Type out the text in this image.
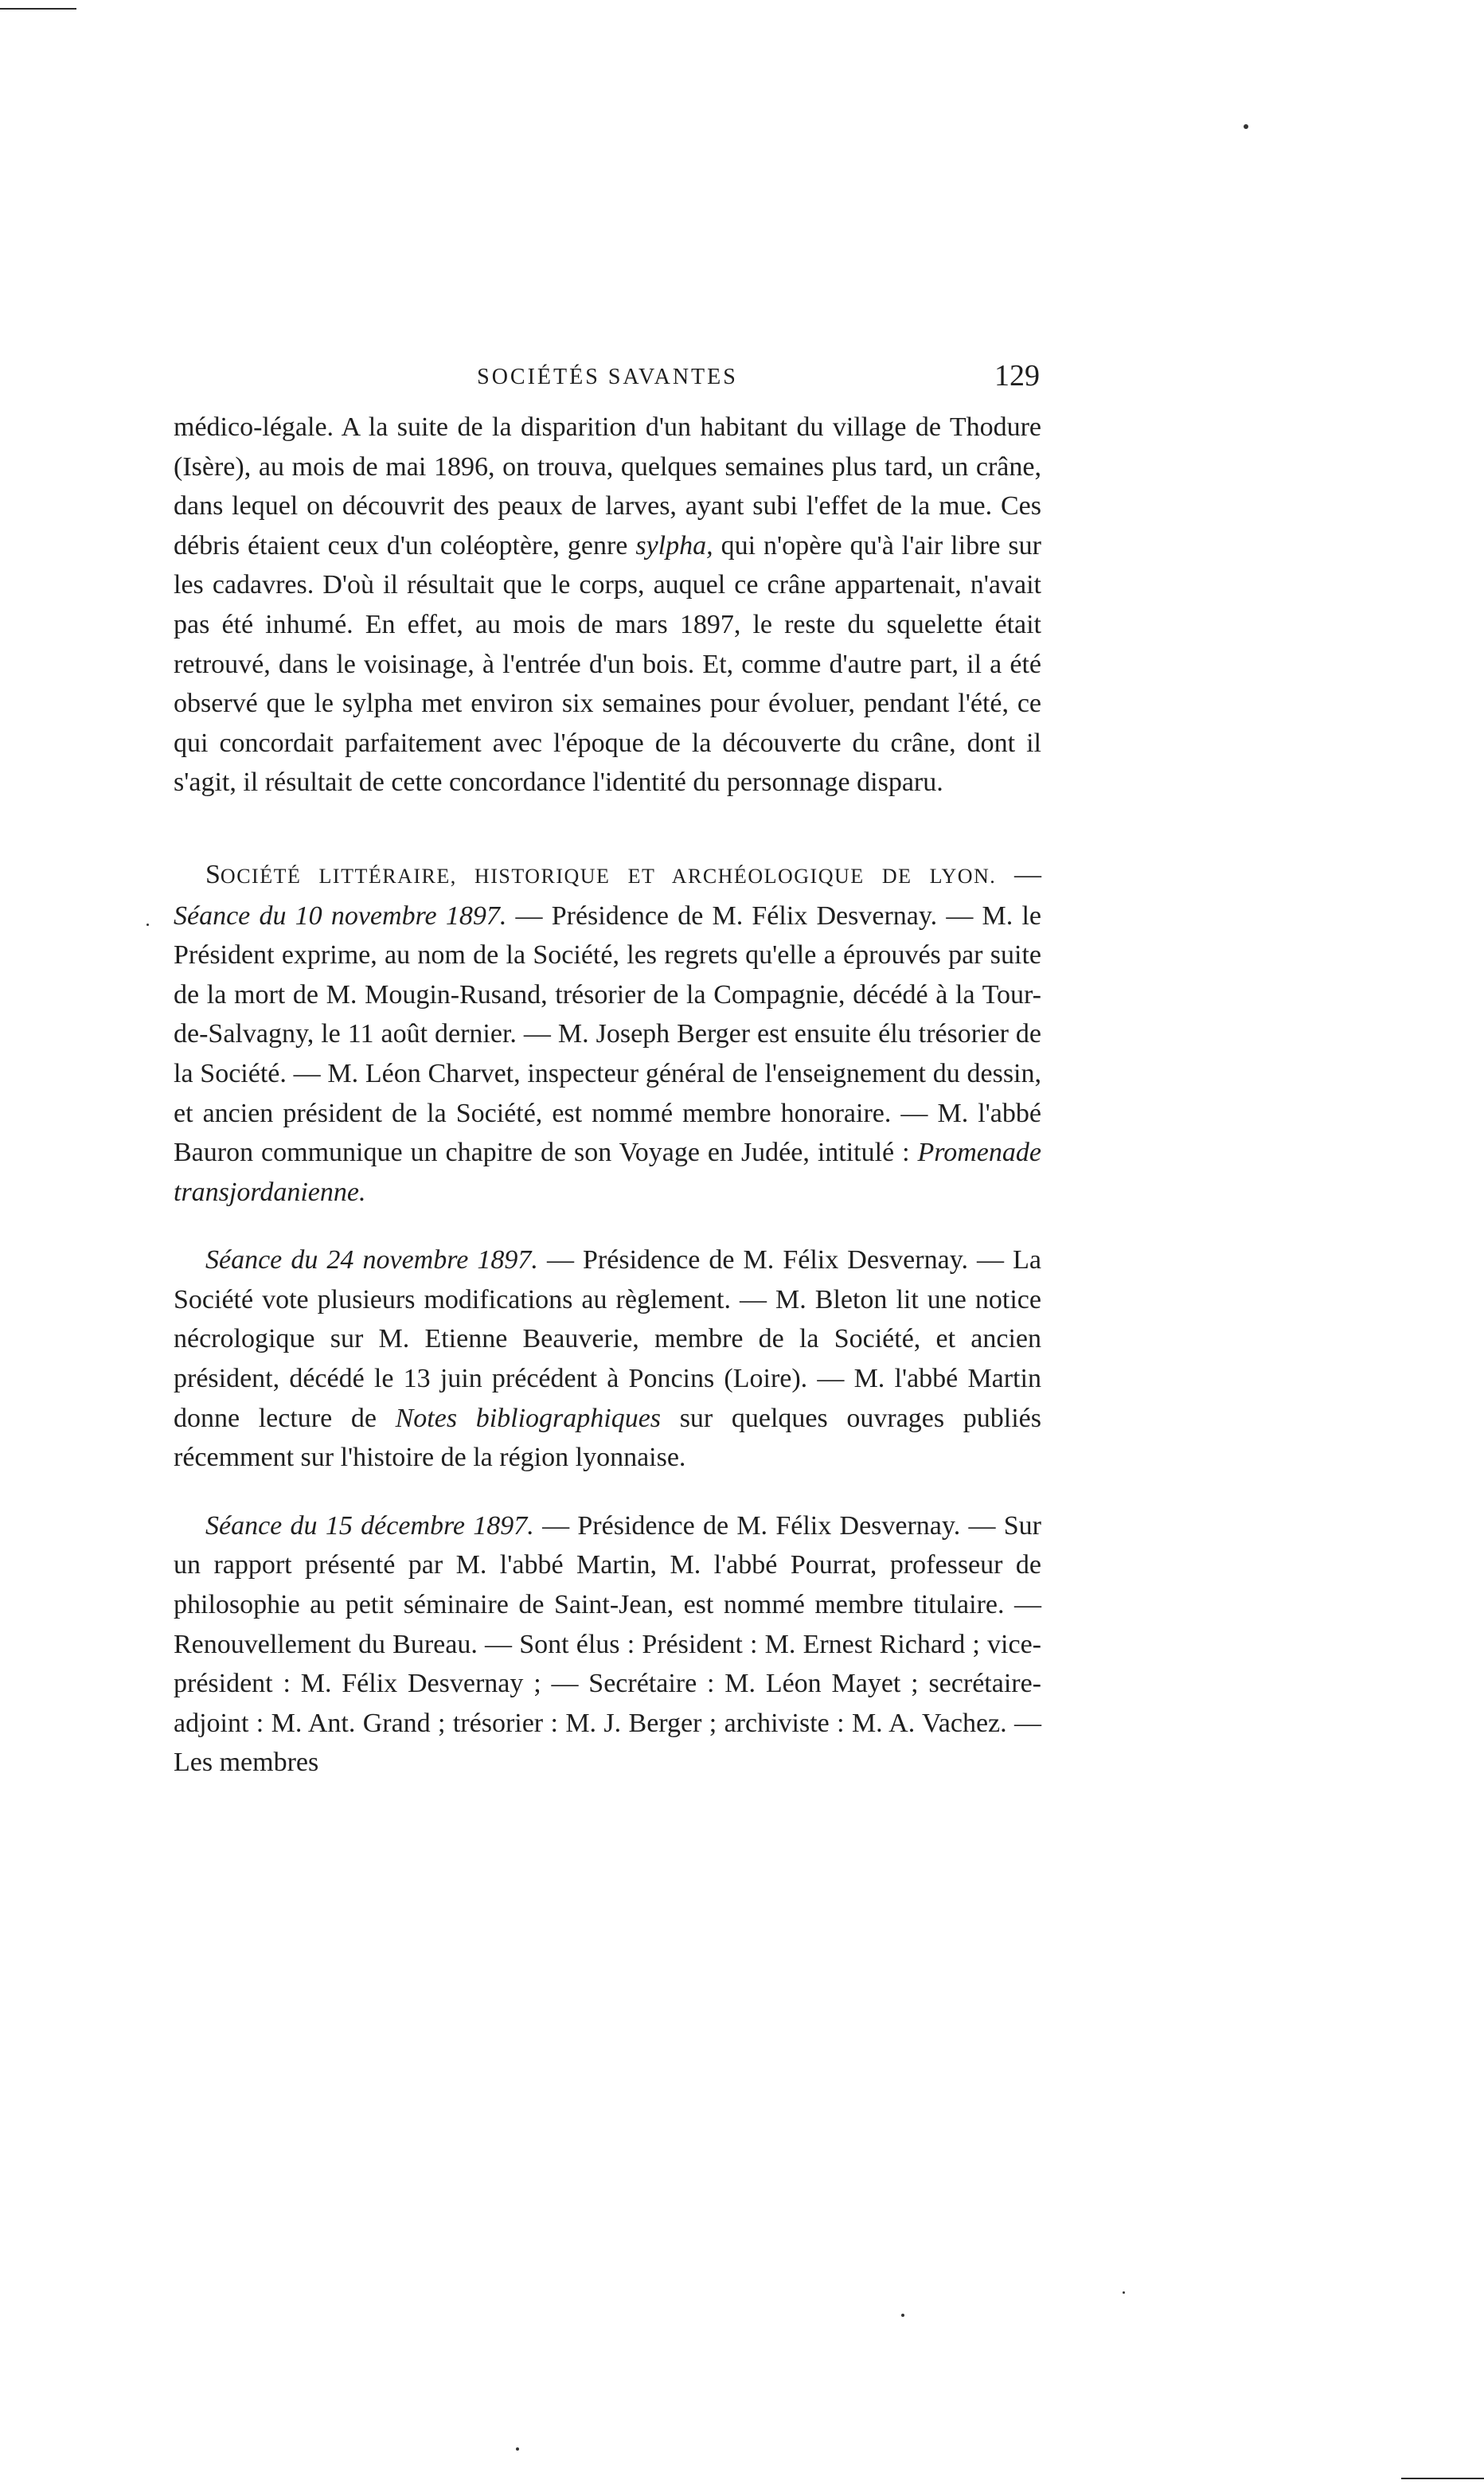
SOCIÉTÉS SAVANTES	129

médico-légale. A la suite de la disparition d'un habitant du village de Thodure (Isère), au mois de mai 1896, on trouva, quelques semaines plus tard, un crâne, dans lequel on découvrit des peaux de larves, ayant subi l'effet de la mue. Ces débris étaient ceux d'un coléoptère, genre sylpha, qui n'opère qu'à l'air libre sur les cadavres. D'où il résultait que le corps, auquel ce crâne appartenait, n'avait pas été inhumé. En effet, au mois de mars 1897, le reste du squelette était retrouvé, dans le voisinage, à l'entrée d'un bois. Et, comme d'autre part, il a été observé que le sylpha met environ six semaines pour évoluer, pendant l'été, ce qui concordait parfaitement avec l'époque de la découverte du crâne, dont il s'agit, il résultait de cette concordance l'identité du personnage disparu.

SOCIÉTÉ LITTÉRAIRE, HISTORIQUE ET ARCHÉOLOGIQUE DE LYON. — Séance du 10 novembre 1897. — Présidence de M. Félix Desvernay. — M. le Président exprime, au nom de la Société, les regrets qu'elle a éprouvés par suite de la mort de M. Mougin-Rusand, trésorier de la Compagnie, décédé à la Tour-de-Salvagny, le 11 août dernier. — M. Joseph Berger est ensuite élu trésorier de la Société. — M. Léon Charvet, inspecteur général de l'enseignement du dessin, et ancien président de la Société, est nommé membre honoraire. — M. l'abbé Bauron communique un chapitre de son Voyage en Judée, intitulé : Promenade transjordanienne.

Séance du 24 novembre 1897. — Présidence de M. Félix Desvernay. — La Société vote plusieurs modifications au règlement. — M. Bleton lit une notice nécrologique sur M. Etienne Beauverie, membre de la Société, et ancien président, décédé le 13 juin précédent à Poncins (Loire). — M. l'abbé Martin donne lecture de Notes bibliographiques sur quelques ouvrages publiés récemment sur l'histoire de la région lyonnaise.

Séance du 15 décembre 1897. — Présidence de M. Félix Desvernay. — Sur un rapport présenté par M. l'abbé Martin, M. l'abbé Pourrat, professeur de philosophie au petit séminaire de Saint-Jean, est nommé membre titulaire. — Renouvellement du Bureau. — Sont élus : Président : M. Ernest Richard ; vice-président : M. Félix Desvernay ; — Secrétaire : M. Léon Mayet ; secrétaire-adjoint : M. Ant. Grand ; trésorier : M. J. Berger ; archiviste : M. A. Vachez. — Les membres
